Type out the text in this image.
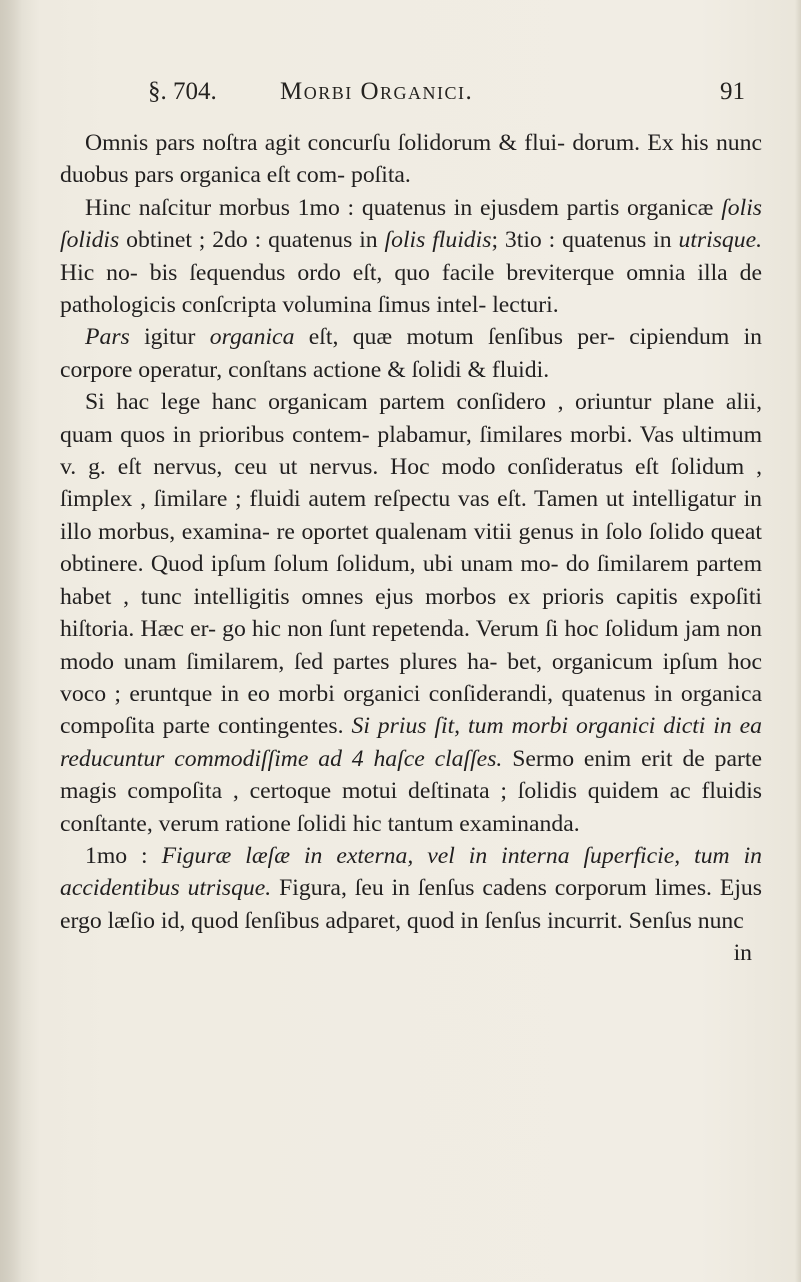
§. 704.	Morbi Organici.	91

Omnis pars noſtra agit concurſu ſolidorum & flui- dorum. Ex his nunc duobus pars organica eſt com- poſita.

Hinc naſcitur morbus 1mo : quatenus in ejusdem partis organicæ ſolis ſolidis obtinet ; 2do : quatenus in ſolis fluidis; 3tio : quatenus in utrisque. Hic no- bis ſequendus ordo eſt, quo facile breviterque omnia illa de pathologicis conſcripta volumina ſimus intel- lecturi.

Pars igitur organica eſt, quæ motum ſenſibus per- cipiendum in corpore operatur, conſtans actione & ſolidi & fluidi.

Si hac lege hanc organicam partem conſidero , oriuntur plane alii, quam quos in prioribus contem- plabamur, ſimilares morbi. Vas ultimum v. g. eſt nervus, ceu ut nervus. Hoc modo conſideratus eſt ſolidum , ſimplex , ſimilare ; fluidi autem reſpectu vas eſt. Tamen ut intelligatur in illo morbus, examina- re oportet qualenam vitii genus in ſolo ſolido queat obtinere. Quod ipſum ſolum ſolidum, ubi unam mo- do ſimilarem partem habet , tunc intelligitis omnes ejus morbos ex prioris capitis expoſiti hiſtoria. Hæc er- go hic non ſunt repetenda. Verum ſi hoc ſolidum jam non modo unam ſimilarem, ſed partes plures ha- bet, organicum ipſum hoc voco ; eruntque in eo morbi organici conſiderandi, quatenus in organica compoſita parte contingentes. Si prius ſit, tum morbi organici dicti in ea reducuntur commodiſſime ad 4 haſce claſſes. Sermo enim erit de parte magis compoſita , certoque motui deſtinata ; ſolidis quidem ac fluidis conſtante, verum ratione ſolidi hic tantum examinanda.

1mo : Figuræ læſæ in externa, vel in interna ſuperficie, tum in accidentibus utrisque. Figura, ſeu in ſenſus cadens corporum limes. Ejus ergo læſio id, quod ſenſibus adparet, quod in ſenſus incurrit. Senſus nunc

in
